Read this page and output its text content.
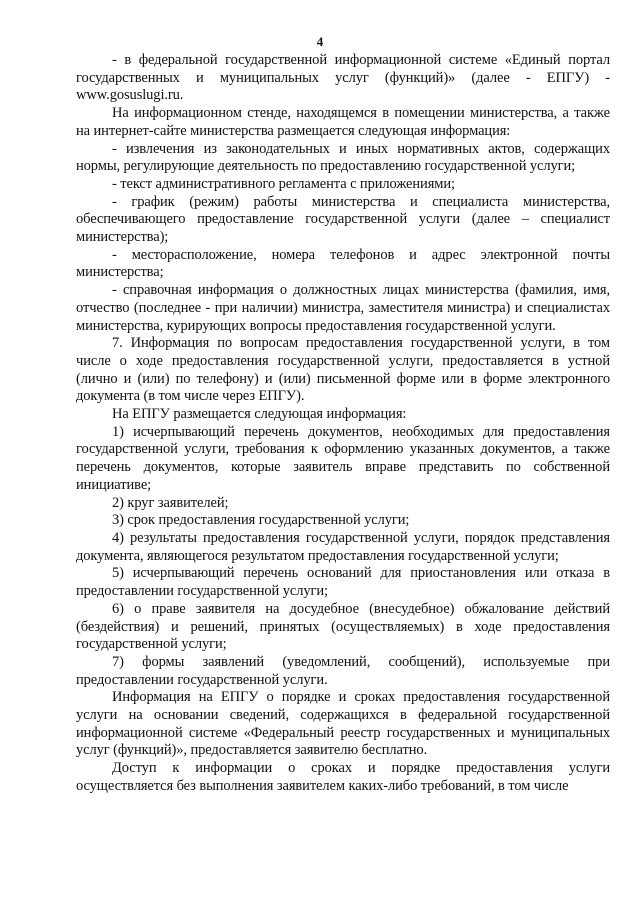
4

- в федеральной государственной информационной системе «Единый портал государственных и муниципальных услуг (функций)» (далее - ЕПГУ) - www.gosuslugi.ru.

На информационном стенде, находящемся в помещении министерства, а также на интернет-сайте министерства размещается следующая информация:

- извлечения из законодательных и иных нормативных актов, содержащих нормы, регулирующие деятельность по предоставлению государственной услуги;

- текст административного регламента с приложениями;

- график (режим) работы министерства и специалиста министерства, обеспечивающего предоставление государственной услуги (далее – специалист министерства);

- месторасположение, номера телефонов и адрес электронной почты министерства;

- справочная информация о должностных лицах министерства (фамилия, имя, отчество (последнее - при наличии) министра, заместителя министра) и специалистах министерства, курирующих вопросы предоставления государственной услуги.

7. Информация по вопросам предоставления государственной услуги, в том числе о ходе предоставления государственной услуги, предоставляется в устной (лично и (или) по телефону) и (или) письменной форме или в форме электронного документа (в том числе через ЕПГУ).

На ЕПГУ размещается следующая информация:

1) исчерпывающий перечень документов, необходимых для предоставления государственной услуги, требования к оформлению указанных документов, а также перечень документов, которые заявитель вправе представить по собственной инициативе;

2) круг заявителей;

3) срок предоставления государственной услуги;

4) результаты предоставления государственной услуги, порядок представления документа, являющегося результатом предоставления государственной услуги;

5) исчерпывающий перечень оснований для приостановления или отказа в предоставлении государственной услуги;

6) о праве заявителя на досудебное (внесудебное) обжалование действий (бездействия) и решений, принятых (осуществляемых) в ходе предоставления государственной услуги;

7) формы заявлений (уведомлений, сообщений), используемые при предоставлении государственной услуги.

Информация на ЕПГУ о порядке и сроках предоставления государственной услуги на основании сведений, содержащихся в федеральной государственной информационной системе «Федеральный реестр государственных и муниципальных услуг (функций)», предоставляется заявителю бесплатно.

Доступ к информации о сроках и порядке предоставления услуги осуществляется без выполнения заявителем каких-либо требований, в том числе
